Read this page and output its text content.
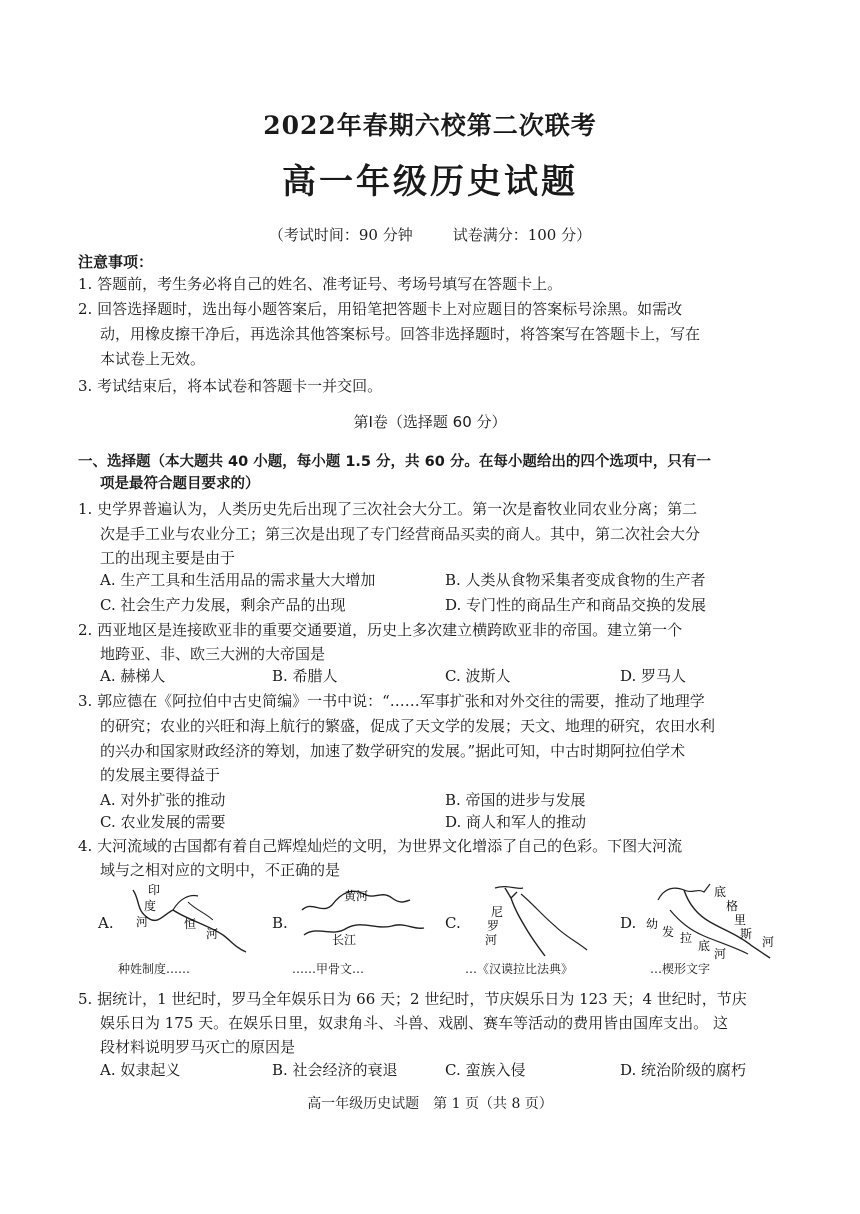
2022年春期六校第二次联考
高一年级历史试题
（考试时间：90 分钟	试卷满分：100 分）
注意事项：
1. 答题前，考生务必将自己的姓名、准考证号、考场号填写在答题卡上。
2. 回答选择题时，选出每小题答案后，用铅笔把答题卡上对应题目的答案标号涂黑。如需改
动，用橡皮擦干净后，再选涂其他答案标号。回答非选择题时，将答案写在答题卡上，写在
本试卷上无效。
3. 考试结束后，将本试卷和答题卡一并交回。
第Ⅰ卷（选择题 60 分）
一、选择题（本大题共 40 小题，每小题 1.5 分，共 60 分。在每小题给出的四个选项中，只有一
项是最符合题目要求的）
1. 史学界普遍认为，人类历史先后出现了三次社会大分工。第一次是畜牧业同农业分离；第二
次是手工业与农业分工；第三次是出现了专门经营商品买卖的商人。其中，第二次社会大分
工的出现主要是由于
A. 生产工具和生活用品的需求量大大增加	B. 人类从食物采集者变成食物的生产者
C. 社会生产力发展，剩余产品的出现	D. 专门性的商品生产和商品交换的发展
2. 西亚地区是连接欧亚非的重要交通要道，历史上多次建立横跨欧亚非的帝国。建立第一个
地跨亚、非、欧三大洲的大帝国是
A. 赫梯人	B. 希腊人	C. 波斯人	D. 罗马人
3. 郭应德在《阿拉伯中古史简编》一书中说：“……军事扩张和对外交往的需要，推动了地理学
的研究；农业的兴旺和海上航行的繁盛，促成了天文学的发展；天文、地理的研究，农田水利
的兴办和国家财政经济的筹划，加速了数学研究的发展。”据此可知，中古时期阿拉伯学术
的发展主要得益于
A. 对外扩张的推动	B. 帝国的进步与发展
C. 农业发展的需要	D. 商人和军人的推动
4. 大河流域的古国都有着自己辉煌灿烂的文明，为世界文化增添了自己的色彩。下图大河流
域与之相对应的文明中，不正确的是
A.
印
度
河	恒
河
种姓制度……
B.
黄河
长江
……甲骨文…
C.
尼
罗
河
…《汉谟拉比法典》
D.
底
格
里
斯
河
幼
发 拉
底
河
…楔形文字
5. 据统计，1 世纪时，罗马全年娱乐日为 66 天；2 世纪时，节庆娱乐日为 123 天；4 世纪时，节庆
娱乐日为 175 天。在娱乐日里，奴隶角斗、斗兽、戏剧、赛车等活动的费用皆由国库支出。 这
段材料说明罗马灭亡的原因是
A. 奴隶起义	B. 社会经济的衰退	C. 蛮族入侵	D. 统治阶级的腐朽
高一年级历史试题　第 1 页（共 8 页）
